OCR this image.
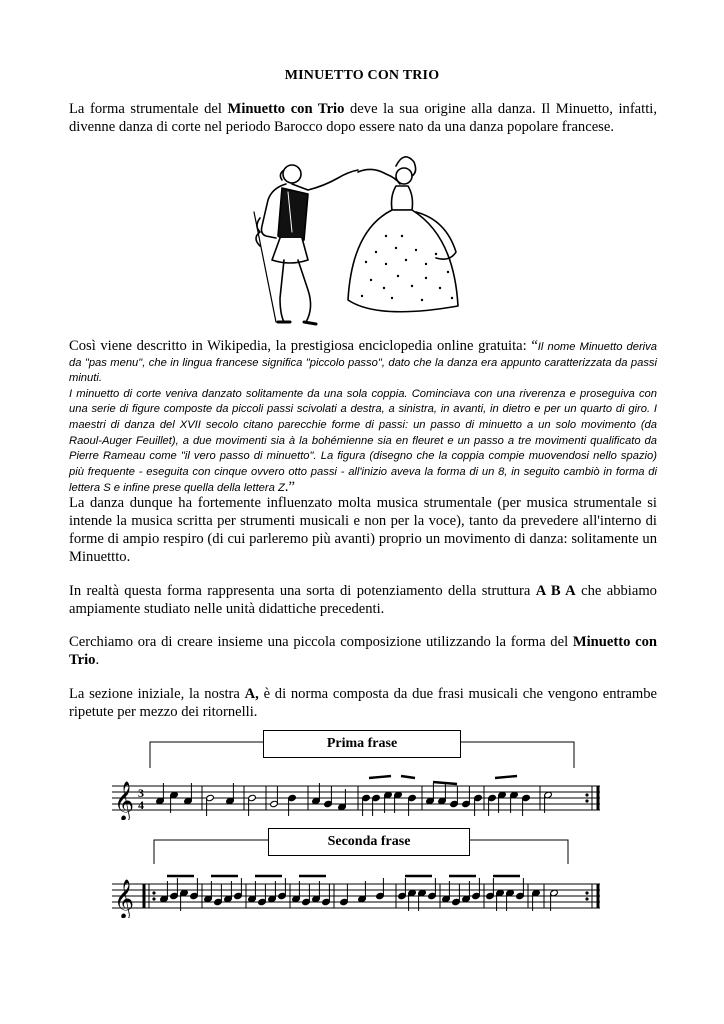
MINUETTO CON TRIO
La forma strumentale del Minuetto con Trio deve la sua origine alla danza. Il Minuetto, infatti, divenne danza di corte nel periodo Barocco dopo essere nato da una danza popolare francese.
Così viene descritto in Wikipedia, la prestigiosa enciclopedia online gratuita: “Il nome Minuetto deriva da "pas menu", che in lingua francese significa "piccolo passo", dato che la danza era appunto caratterizzata da passi minuti.
I minuetto di corte veniva danzato solitamente da una sola coppia. Cominciava con una riverenza e proseguiva con una serie di figure composte da piccoli passi scivolati a destra, a sinistra, in avanti, in dietro e per un quarto di giro. I maestri di danza del XVII secolo citano parecchie forme di passi: un passo di minuetto a un solo movimento (da Raoul-Auger Feuillet), a due movimenti sia à la bohémienne sia en fleuret e un passo a tre movimenti qualificato da Pierre Rameau come "il vero passo di minuetto". La figura (disegno che la coppia compie muovendosi nello spazio) più frequente - eseguita con cinque ovvero otto passi - all'inizio aveva la forma di un 8, in seguito cambiò in forma di lettera S e infine prese quella della lettera Z.”
La danza dunque ha fortemente influenzato molta musica strumentale (per musica strumentale si intende la musica scritta per strumenti musicali e non per la voce), tanto da prevedere all'interno di forme di ampio respiro (di cui parleremo più avanti) proprio un movimento di danza: solitamente un Minuettto.
In realtà questa forma rappresenta una sorta di potenziamento della struttura A B A che abbiamo ampiamente studiato nelle unità didattiche precedenti.
Cerchiamo ora di creare insieme una piccola composizione utilizzando la forma del Minuetto con Trio.
La sezione iniziale, la nostra A, è di norma composta da due frasi musicali che vengono entrambe ripetute per mezzo dei ritornelli.
Prima frase
𝄞 3
4
Seconda frase
𝄞
